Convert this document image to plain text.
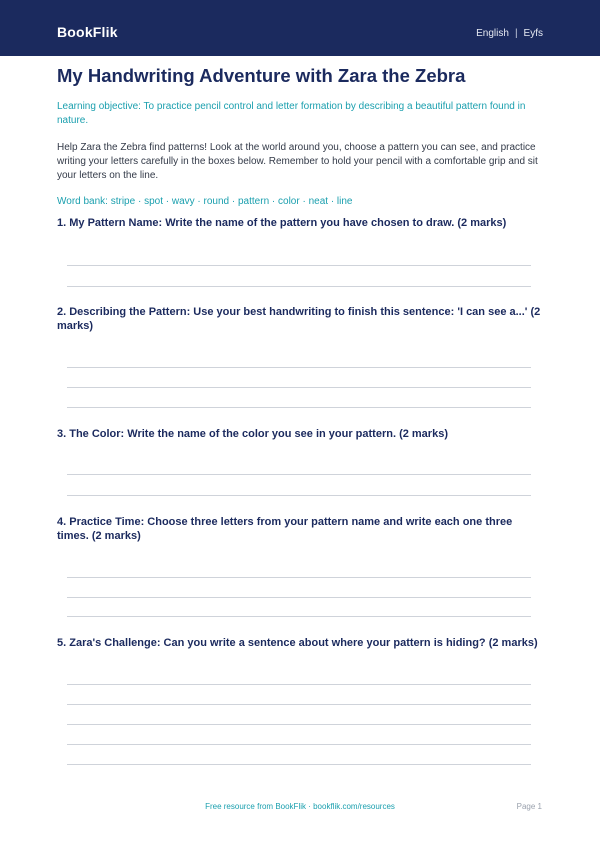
BookFlik	English | Eyfs
My Handwriting Adventure with Zara the Zebra
Learning objective: To practice pencil control and letter formation by describing a beautiful pattern found in nature.
Help Zara the Zebra find patterns! Look at the world around you, choose a pattern you can see, and practice writing your letters carefully in the boxes below. Remember to hold your pencil with a comfortable grip and sit your letters on the line.
Word bank: stripe · spot · wavy · round · pattern · color · neat · line
1. My Pattern Name: Write the name of the pattern you have chosen to draw. (2 marks)
2. Describing the Pattern: Use your best handwriting to finish this sentence: 'I can see a...' (2 marks)
3. The Color: Write the name of the color you see in your pattern. (2 marks)
4. Practice Time: Choose three letters from your pattern name and write each one three times. (2 marks)
5. Zara's Challenge: Can you write a sentence about where your pattern is hiding? (2 marks)
Free resource from BookFlik · bookflik.com/resources	Page 1
